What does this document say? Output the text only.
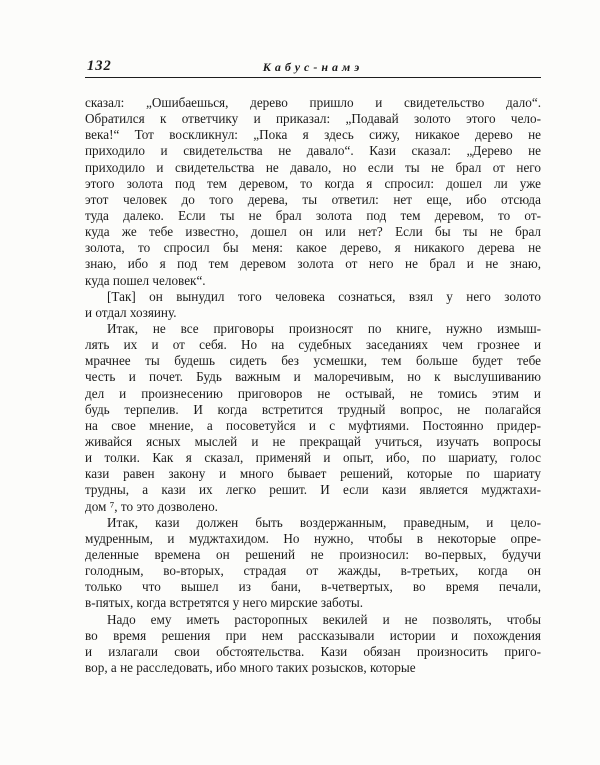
132	Кабус-намэ
сказал: „Ошибаешься, дерево пришло и свидетельство дало“.
Обратился к ответчику и приказал: „Подавай золото этого чело-
века!“ Тот воскликнул: „Пока я здесь сижу, никакое дерево не
приходило и свидетельства не давало“. Кази сказал: „Дерево не
приходило и свидетельства не давало, но если ты не брал от него
этого золота под тем деревом, то когда я спросил: дошел ли уже
этот человек до того дерева, ты ответил: нет еще, ибо отсюда
туда далеко. Если ты не брал золота под тем деревом, то от-
куда же тебе известно, дошел он или нет? Если бы ты не брал
золота, то спросил бы меня: какое дерево, я никакого дерева не
знаю, ибо я под тем деревом золота от него не брал и не знаю,
куда пошел человек“.
[Так] он вынудил того человека сознаться, взял у него золото
и отдал хозяину.
Итак, не все приговоры произносят по книге, нужно измыш-
лять их и от себя. Но на судебных заседаниях чем грознее и
мрачнее ты будешь сидеть без усмешки, тем больше будет тебе
честь и почет. Будь важным и малоречивым, но к выслушиванию
дел и произнесению приговоров не остывай, не томись этим и
будь терпелив. И когда встретится трудный вопрос, не полагайся
на свое мнение, а посоветуйся и с муфтиями. Постоянно придер-
живайся ясных мыслей и не прекращай учиться, изучать вопросы
и толки. Как я сказал, применяй и опыт, ибо, по шариату, голос
кази равен закону и много бывает решений, которые по шариату
трудны, а кази их легко решит. И если кази является муджтахи-
дом ⁷, то это дозволено.
Итак, кази должен быть воздержанным, праведным, и цело-
мудренным, и муджтахидом. Но нужно, чтобы в некоторые опре-
деленные времена он решений не произносил: во-первых, будучи
голодным, во-вторых, страдая от жажды, в-третьих, когда он
только что вышел из бани, в-четвертых, во время печали,
в-пятых, когда встретятся у него мирские заботы.
Надо ему иметь расторопных векилей и не позволять, чтобы
во время решения при нем рассказывали истории и похождения
и излагали свои обстоятельства. Кази обязан произносить приго-
вор, а не расследовать, ибо много таких розысков, которые
